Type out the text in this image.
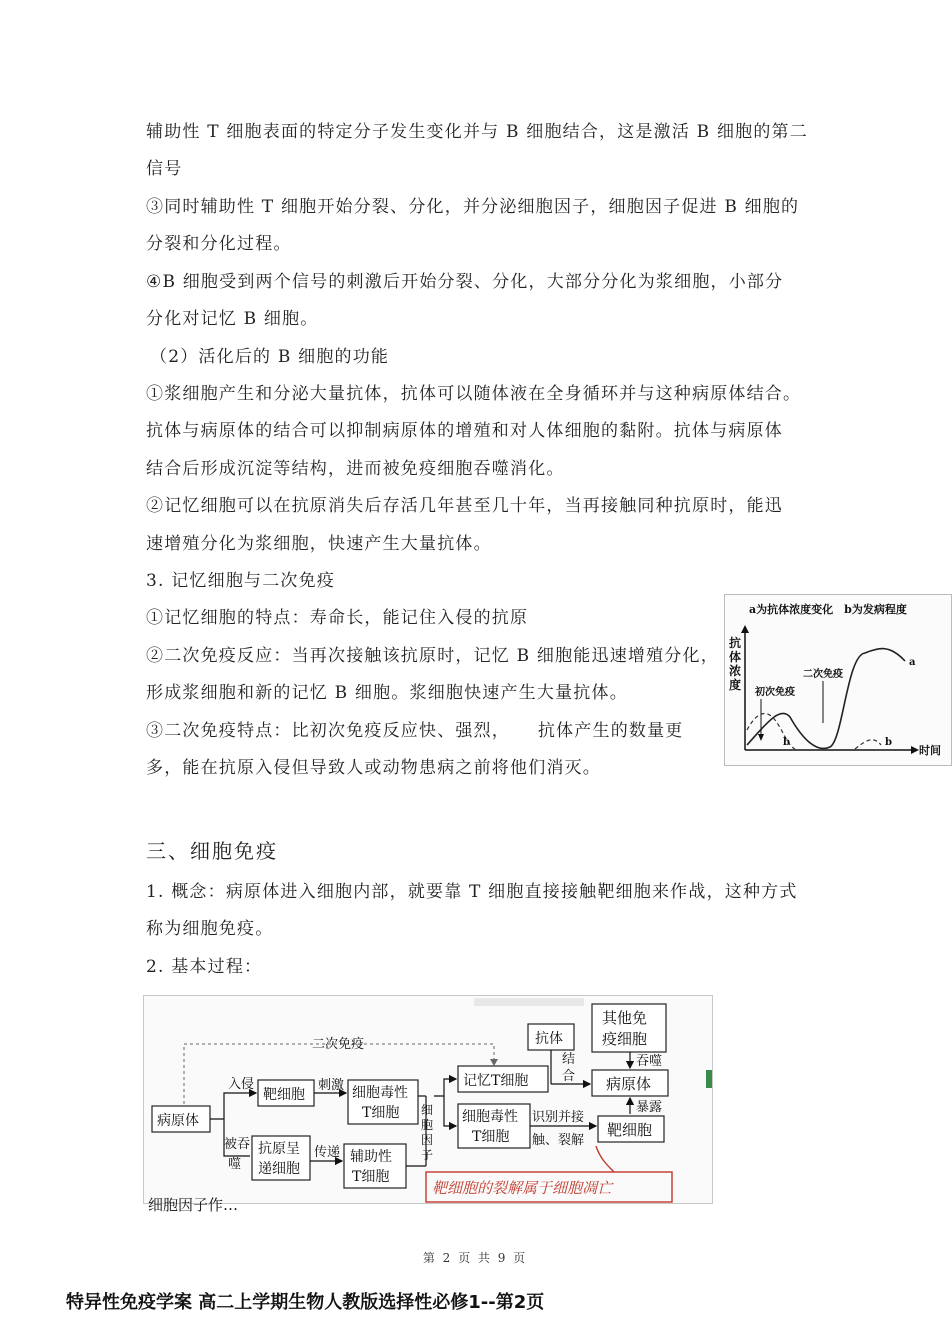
辅助性 T 细胞表面的特定分子发生变化并与 B 细胞结合，这是激活 B 细胞的第二
信号
③同时辅助性 T 细胞开始分裂、分化，并分泌细胞因子，细胞因子促进 B 细胞的
分裂和分化过程。
④B 细胞受到两个信号的刺激后开始分裂、分化，大部分分化为浆细胞，小部分
分化对记忆 B 细胞。
（2）活化后的 B 细胞的功能
①浆细胞产生和分泌大量抗体，抗体可以随体液在全身循环并与这种病原体结合。
抗体与病原体的结合可以抑制病原体的增殖和对人体细胞的黏附。抗体与病原体
结合后形成沉淀等结构，进而被免疫细胞吞噬消化。
②记忆细胞可以在抗原消失后存活几年甚至几十年，当再接触同种抗原时，能迅
速增殖分化为浆细胞，快速产生大量抗体。
3. 记忆细胞与二次免疫
①记忆细胞的特点：寿命长，能记住入侵的抗原
②二次免疫反应：当再次接触该抗原时，记忆 B 细胞能迅速增殖分化，
形成浆细胞和新的记忆 B 细胞。浆细胞快速产生大量抗体。
③二次免疫特点：比初次免疫反应快、强烈，　　抗体产生的数量更
多，能在抗原入侵但导致人或动物患病之前将他们消灭。
a为抗体浓度变化　b为发病程度
抗
体
浓
度
时间
初次免疫
二次免疫
a
b	b
三、细胞免疫
1. 概念：病原体进入细胞内部，就要靠 T 细胞直接接触靶细胞来作战，这种方式
称为细胞免疫。
2. 基本过程：
病原体
靶细胞	细胞毒性
T细胞
抗原呈
递细胞
辅助性
T细胞
记忆T细胞
细胞毒性
T细胞
抗体
其他免
疫细胞
病原体
靶细胞
二次免疫
入侵	刺激
被吞
噬
传递
细
胞
因
子
识别并接
触、裂解
结
合
吞噬
暴露
靶细胞的裂解属于细胞凋亡
细胞因子作…
第 2 页 共 9 页
特异性免疫学案 高二上学期生物人教版选择性必修1--第2页
